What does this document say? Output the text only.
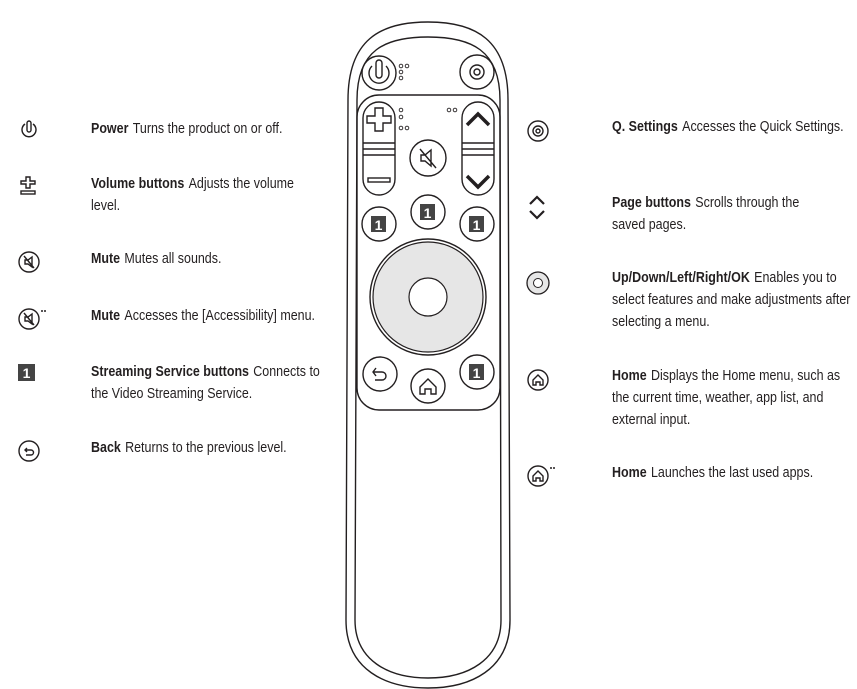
Power Turns the product on or off.
Volume buttons Adjusts the volume level.
Mute Mutes all sounds.
Mute Accesses the [Accessibility] menu.
1	Streaming Service buttons Connects to the Video Streaming Service.
Back Returns to the previous level.
1
1
1
1
Q. Settings Accesses the Quick Settings.
Page buttons Scrolls through the saved pages.
Up/Down/Left/Right/OK Enables you to select features and make adjustments after selecting a menu.
Home Displays the Home menu, such as the current time, weather, app list, and external input.
Home Launches the last used apps.
